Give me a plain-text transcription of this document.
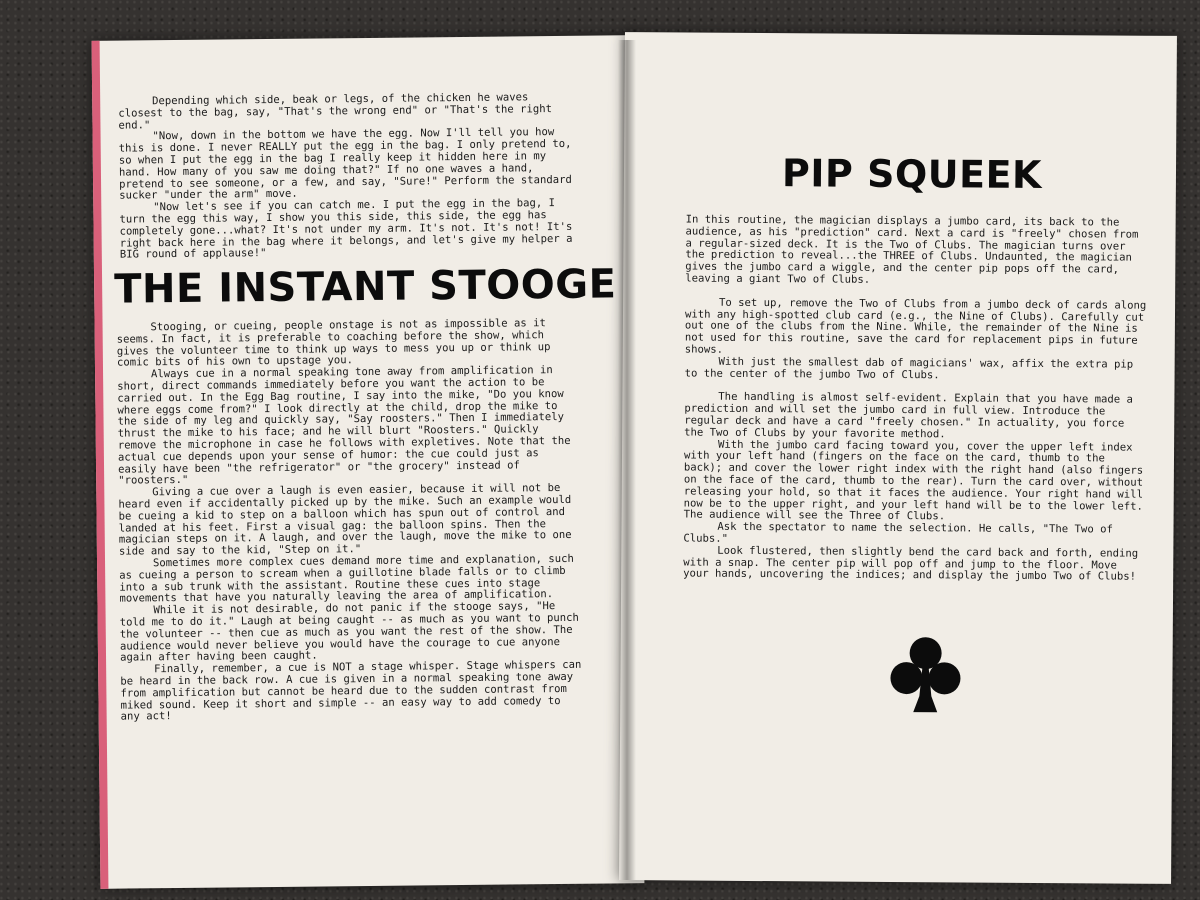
Depending which side, beak or legs, of the chicken he waves closest to the bag, say, "That's the wrong end" or "That's the right end."

"Now, down in the bottom we have the egg. Now I'll tell you how this is done. I never REALLY put the egg in the bag. I only pretend to, so when I put the egg in the bag I really keep it hidden here in my hand. How many of you saw me doing that?" If no one waves a hand, pretend to see someone, or a few, and say, "Sure!" Perform the standard sucker "under the arm" move.

"Now let's see if you can catch me. I put the egg in the bag, I turn the egg this way, I show you this side, this side, the egg has completely gone...what? It's not under my arm. It's not. It's not! It's right back here in the bag where it belongs, and let's give my helper a BIG round of applause!"

THE INSTANT STOOGE

Stooging, or cueing, people onstage is not as impossible as it seems. In fact, it is preferable to coaching before the show, which gives the volunteer time to think up ways to mess you up or think up comic bits of his own to upstage you.

Always cue in a normal speaking tone away from amplification in short, direct commands immediately before you want the action to be carried out. In the Egg Bag routine, I say into the mike, "Do you know where eggs come from?" I look directly at the child, drop the mike to the side of my leg and quickly say, "Say roosters." Then I immediately thrust the mike to his face; and he will blurt "Roosters." Quickly remove the microphone in case he follows with expletives. Note that the actual cue depends upon your sense of humor: the cue could just as easily have been "the refrigerator" or "the grocery" instead of "roosters."

Giving a cue over a laugh is even easier, because it will not be heard even if accidentally picked up by the mike. Such an example would be cueing a kid to step on a balloon which has spun out of control and landed at his feet. First a visual gag: the balloon spins. Then the magician steps on it. A laugh, and over the laugh, move the mike to one side and say to the kid, "Step on it."

Sometimes more complex cues demand more time and explanation, such as cueing a person to scream when a guillotine blade falls or to climb into a sub trunk with the assistant. Routine these cues into stage movements that have you naturally leaving the area of amplification.

While it is not desirable, do not panic if the stooge says, "He told me to do it." Laugh at being caught -- as much as you want to punch the volunteer -- then cue as much as you want the rest of the show. The audience would never believe you would have the courage to cue anyone again after having been caught.

Finally, remember, a cue is NOT a stage whisper. Stage whispers can be heard in the back row. A cue is given in a normal speaking tone away from amplification but cannot be heard due to the sudden contrast from miked sound. Keep it short and simple -- an easy way to add comedy to any act!

PIP SQUEEK

In this routine, the magician displays a jumbo card, its back to the audience, as his "prediction" card. Next a card is "freely" chosen from a regular-sized deck. It is the Two of Clubs. The magician turns over the prediction to reveal...the THREE of Clubs. Undaunted, the magician gives the jumbo card a wiggle, and the center pip pops off the card, leaving a giant Two of Clubs.

To set up, remove the Two of Clubs from a jumbo deck of cards along with any high-spotted club card (e.g., the Nine of Clubs). Carefully cut out one of the clubs from the Nine. While, the remainder of the Nine is not used for this routine, save the card for replacement pips in future shows.

With just the smallest dab of magicians' wax, affix the extra pip to the center of the jumbo Two of Clubs.

The handling is almost self-evident. Explain that you have made a prediction and will set the jumbo card in full view. Introduce the regular deck and have a card "freely chosen." In actuality, you force the Two of Clubs by your favorite method.

With the jumbo card facing toward you, cover the upper left index with your left hand (fingers on the face on the card, thumb to the back); and cover the lower right index with the right hand (also fingers on the face of the card, thumb to the rear). Turn the card over, without releasing your hold, so that it faces the audience. Your right hand will now be to the upper right, and your left hand will be to the lower left. The audience will see the Three of Clubs.

Ask the spectator to name the selection. He calls, "The Two of Clubs."

Look flustered, then slightly bend the card back and forth, ending with a snap. The center pip will pop off and jump to the floor. Move your hands, uncovering the indices; and display the jumbo Two of Clubs!
